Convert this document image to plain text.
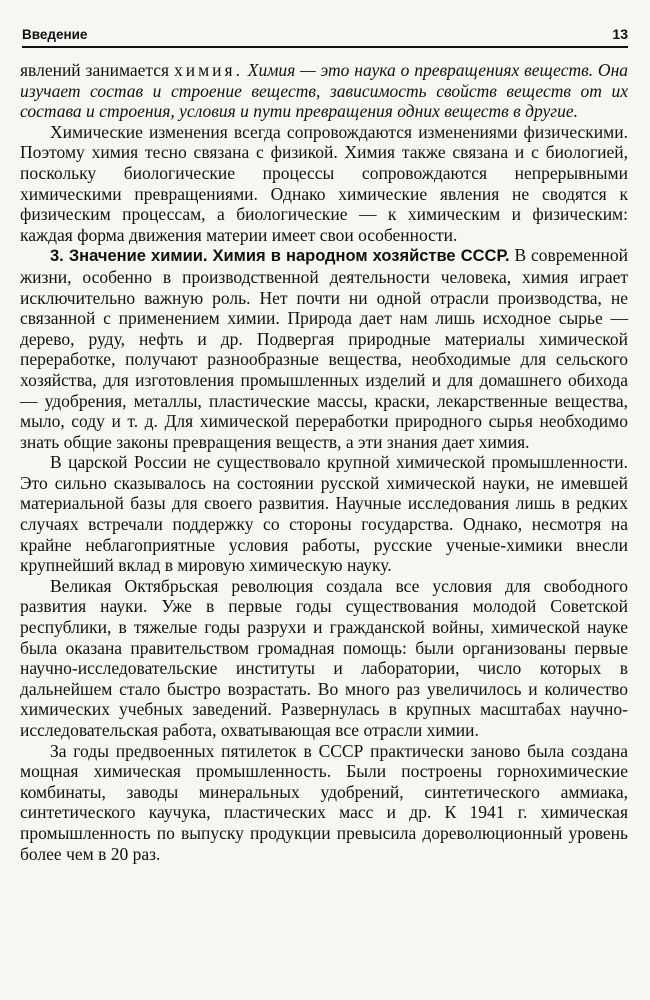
Введение	13

явлений занимается химия. Химия — это наука о превращениях веществ. Она изучает состав и строение веществ, зависимость свойств веществ от их состава и строения, условия и пути превращения одних веществ в другие.

Химические изменения всегда сопровождаются изменениями физическими. Поэтому химия тесно связана с физикой. Химия также связана и с биологией, поскольку биологические процессы сопровождаются непрерывными химическими превращениями. Однако химические явления не сводятся к физическим процессам, а биологические — к химическим и физическим: каждая форма движения материи имеет свои особенности.

3. Значение химии. Химия в народном хозяйстве СССР. В современной жизни, особенно в производственной деятельности человека, химия играет исключительно важную роль. Нет почти ни одной отрасли производства, не связанной с применением химии. Природа дает нам лишь исходное сырье — дерево, руду, нефть и др. Подвергая природные материалы химической переработке, получают разнообразные вещества, необходимые для сельского хозяйства, для изготовления промышленных изделий и для домашнего обихода — удобрения, металлы, пластические массы, краски, лекарственные вещества, мыло, соду и т. д. Для химической переработки природного сырья необходимо знать общие законы превращения веществ, а эти знания дает химия.

В царской России не существовало крупной химической промышленности. Это сильно сказывалось на состоянии русской химической науки, не имевшей материальной базы для своего развития. Научные исследования лишь в редких случаях встречали поддержку со стороны государства. Однако, несмотря на крайне неблагоприятные условия работы, русские ученые-химики внесли крупнейший вклад в мировую химическую науку.

Великая Октябрьская революция создала все условия для свободного развития науки. Уже в первые годы существования молодой Советской республики, в тяжелые годы разрухи и гражданской войны, химической науке была оказана правительством громадная помощь: были организованы первые научно-исследовательские институты и лаборатории, число которых в дальнейшем стало быстро возрастать. Во много раз увеличилось и количество химических учебных заведений. Развернулась в крупных масштабах научно-исследовательская работа, охватывающая все отрасли химии.

За годы предвоенных пятилеток в СССР практически заново была создана мощная химическая промышленность. Были построены горнохимические комбинаты, заводы минеральных удобрений, синтетического аммиака, синтетического каучука, пластических масс и др. К 1941 г. химическая промышленность по выпуску продукции превысила дореволюционный уровень более чем в 20 раз.
